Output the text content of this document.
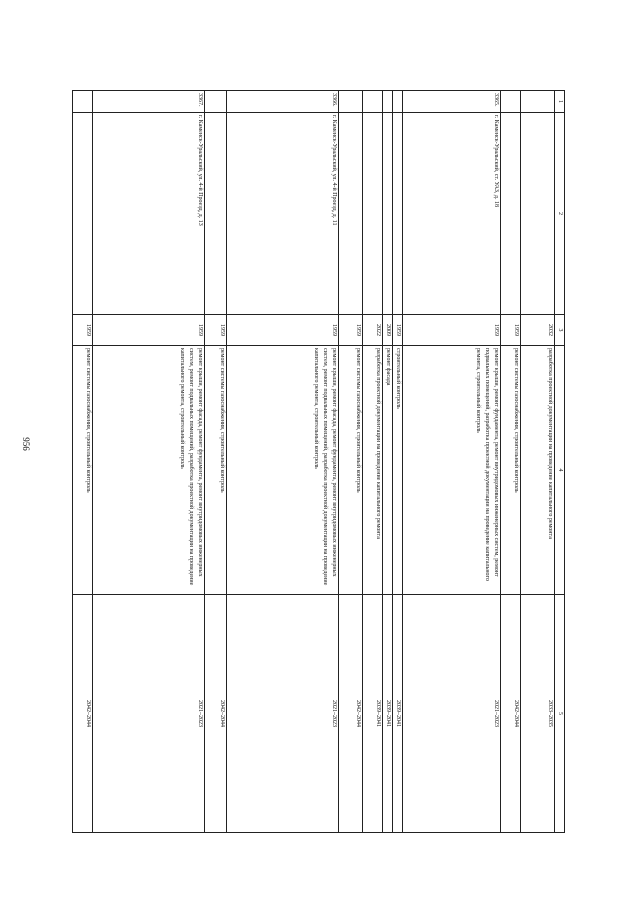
956
1	2	3	4	5
		2032	разработка проектной документации на проведение капитального ремонта	2033–2035
		1959	ремонт системы газоснабжения, строительный контроль	2042–2044
3365.	г. Каменск-Уральский, ст. УАЗ, д. 18	1959	ремонт крыши, ремонт фундамента, ремонт внутридомовых инженерных систем, ремонт подвальных помещений, разработка проектной документации на проведение капитального ремонта, строительный контроль	2021–2023
		1959	строительный контроль	2039–2041
		2009	ремонт фасада	2039–2041
		2022	разработка проектной документации на проведение капитального ремонта	2039–2041
		1959	ремонт системы газоснабжения, строительный контроль	2042–2044
3366.	г. Каменск-Уральский, ул. 4-й Проезд, д. 11	1959	ремонт крыши, ремонт фасада, ремонт фундамента, ремонт внутридомовых инженерных систем, ремонт подвальных помещений, разработка проектной документации на проведение капитального ремонта, строительный контроль	2021–2023
		1959	ремонт системы газоснабжения, строительный контроль	2042–2044
3367.	г. Каменск-Уральский, ул. 4-й Проезд, д. 13	1959	ремонт крыши, ремонт фасада, ремонт фундамента, ремонт внутридомовых инженерных систем, ремонт подвальных помещений, разработка проектной документации на проведение капитального ремонта, строительный контроль	2021–2023
		1959	ремонт системы газоснабжения, строительный контроль	2042–2044
